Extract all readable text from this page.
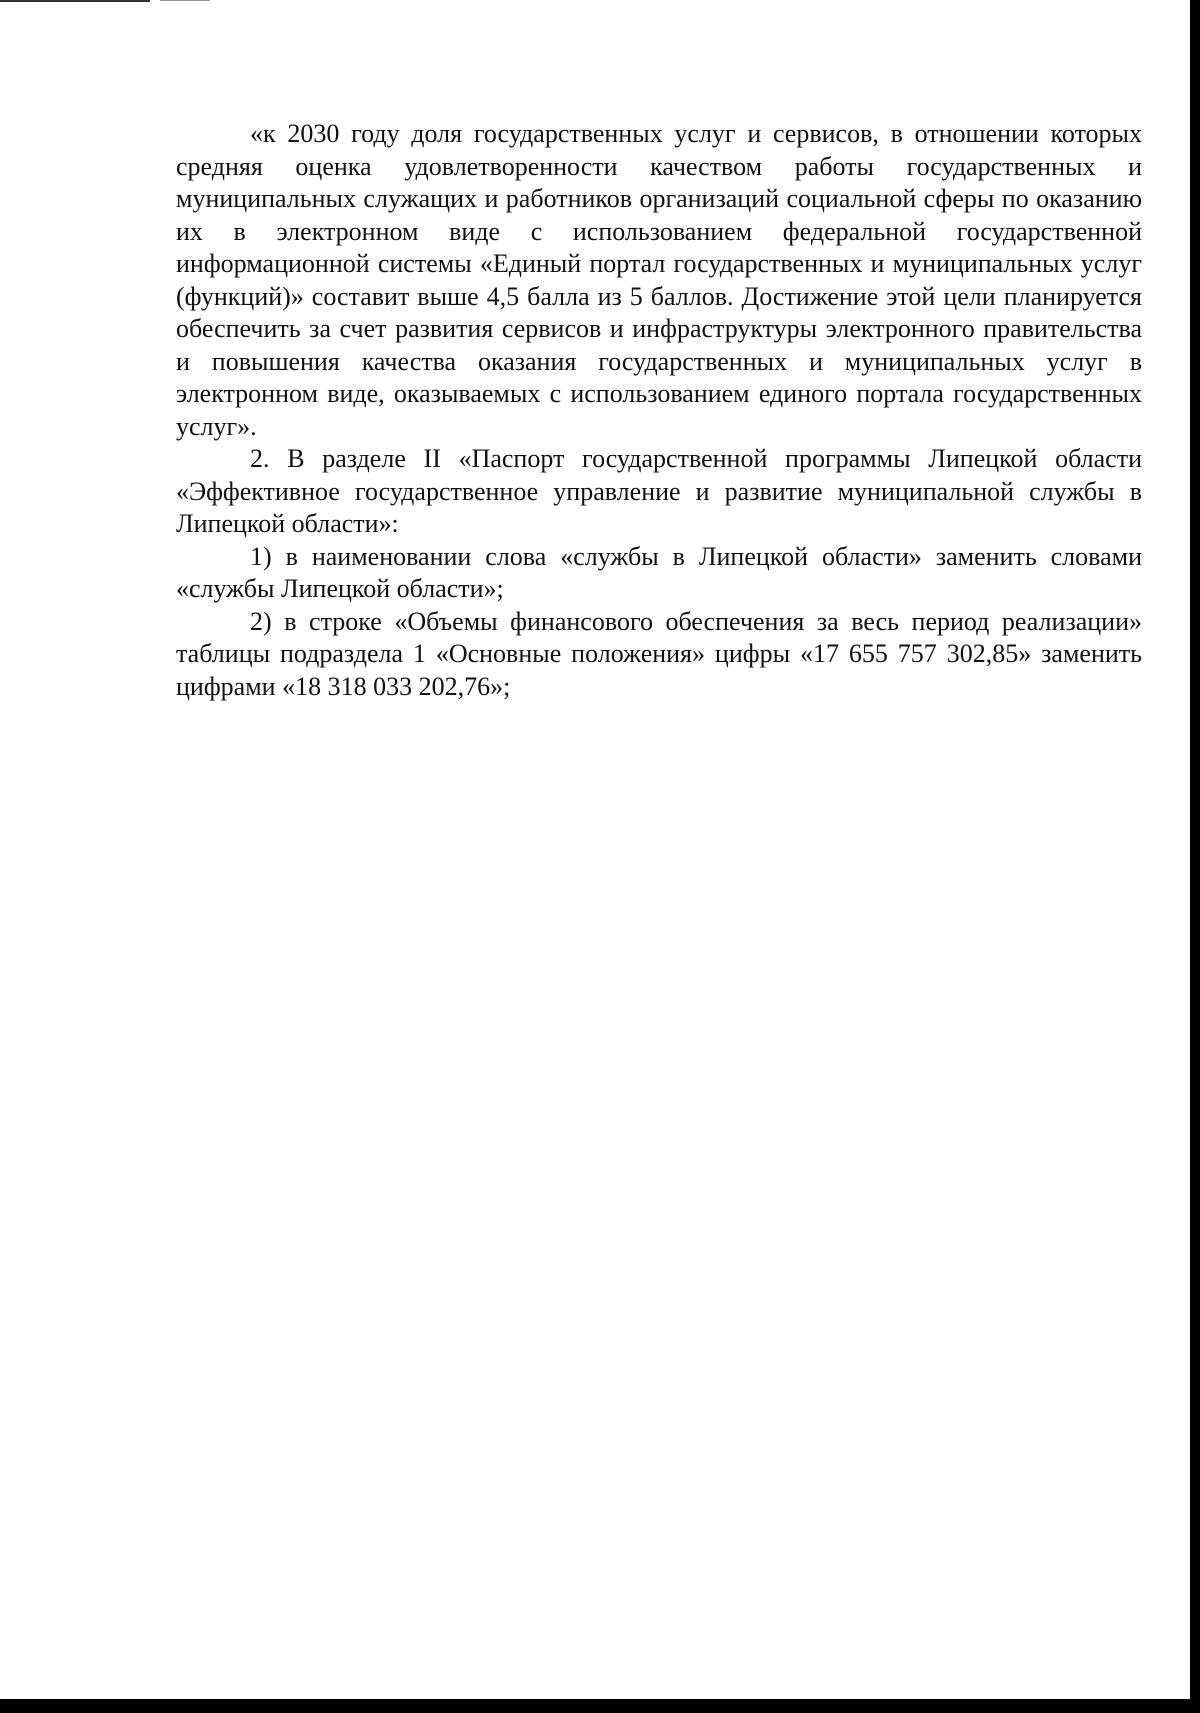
«к 2030 году доля государственных услуг и сервисов, в отношении которых средняя оценка удовлетворенности качеством работы государственных и муниципальных служащих и работников организаций социальной сферы по оказанию их в электронном виде с использованием федеральной государственной информационной системы «Единый портал государственных и муниципальных услуг (функций)» составит выше 4,5 балла из 5 баллов. Достижение этой цели планируется обеспечить за счет развития сервисов и инфраструктуры электронного правительства и повышения качества оказания государственных и муниципальных услуг в электронном виде, оказываемых с использованием единого портала государственных услуг».

2. В разделе II «Паспорт государственной программы Липецкой области «Эффективное государственное управление и развитие муниципальной службы в Липецкой области»:

1) в наименовании слова «службы в Липецкой области» заменить словами «службы Липецкой области»;

2) в строке «Объемы финансового обеспечения за весь период реализации» таблицы подраздела 1 «Основные положения» цифры «17 655 757 302,85» заменить цифрами «18 318 033 202,76»;
